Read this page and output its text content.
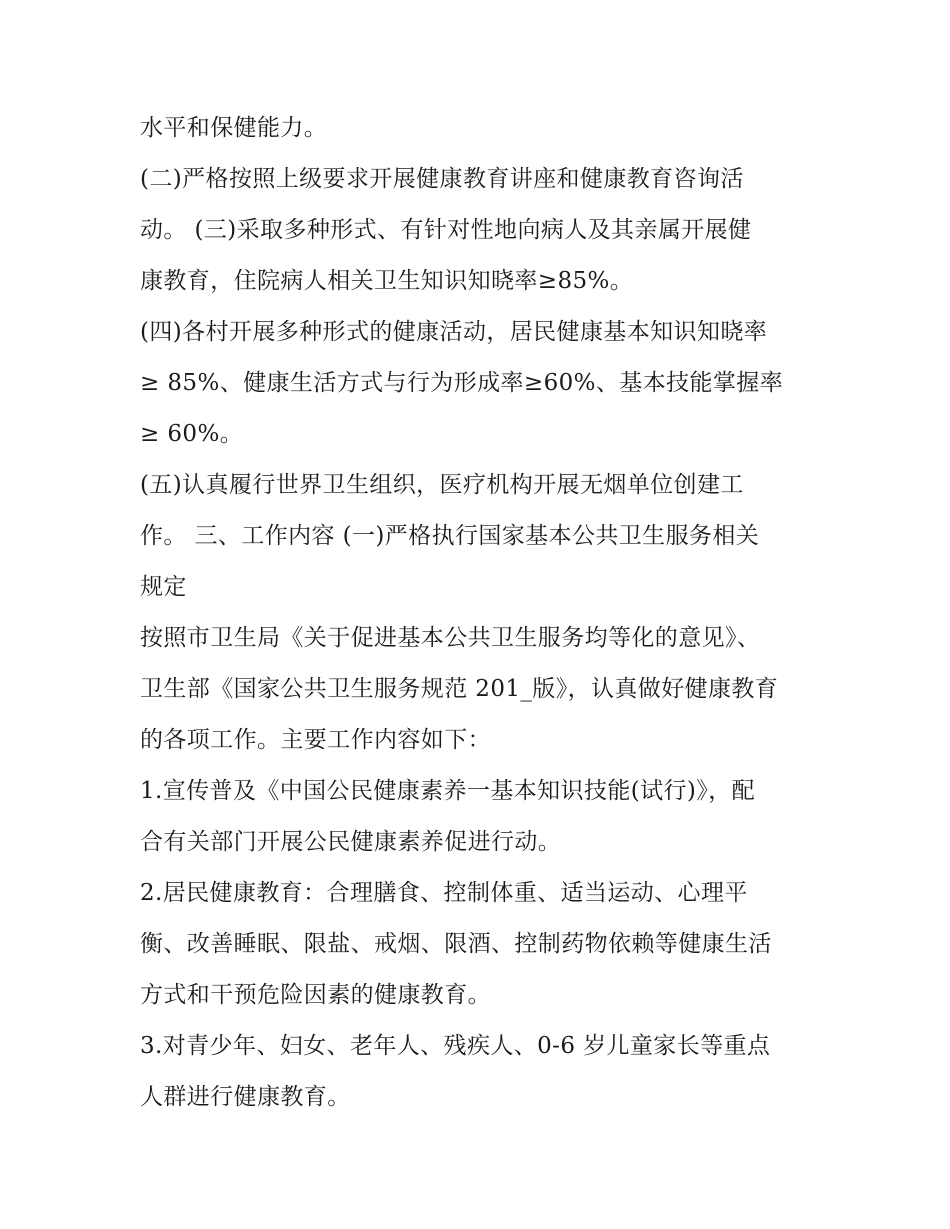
水平和保健能力。
(二)严格按照上级要求开展健康教育讲座和健康教育咨询活
动。 (三)采取多种形式、有针对性地向病人及其亲属开展健
康教育，住院病人相关卫生知识知晓率≥85%。
(四)各村开展多种形式的健康活动，居民健康基本知识知晓率
≥ 85%、健康生活方式与行为形成率≥60%、基本技能掌握率
≥ 60%。
(五)认真履行世界卫生组织，医疗机构开展无烟单位创建工
作。 三、工作内容 (一)严格执行国家基本公共卫生服务相关
规定
按照市卫生局《关于促进基本公共卫生服务均等化的意见》、
卫生部《国家公共卫生服务规范 201_版》，认真做好健康教育
的各项工作。主要工作内容如下：
1.宣传普及《中国公民健康素养一基本知识技能(试行)》，配
合有关部门开展公民健康素养促进行动。
2.居民健康教育：合理膳食、控制体重、适当运动、心理平
衡、改善睡眠、限盐、戒烟、限酒、控制药物依赖等健康生活
方式和干预危险因素的健康教育。
3.对青少年、妇女、老年人、残疾人、0-6 岁儿童家长等重点
人群进行健康教育。
